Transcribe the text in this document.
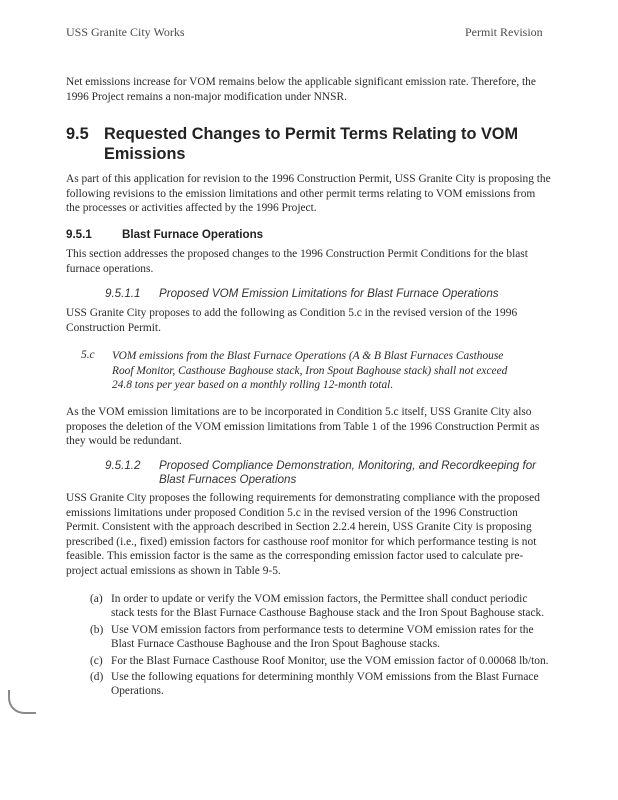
USS Granite City Works	Permit Revision

Net emissions increase for VOM remains below the applicable significant emission rate. Therefore, the 1996 Project remains a non-major modification under NNSR.

9.5 Requested Changes to Permit Terms Relating to VOM Emissions

As part of this application for revision to the 1996 Construction Permit, USS Granite City is proposing the following revisions to the emission limitations and other permit terms relating to VOM emissions from the processes or activities affected by the 1996 Project.

9.5.1	Blast Furnace Operations

This section addresses the proposed changes to the 1996 Construction Permit Conditions for the blast furnace operations.

9.5.1.1 Proposed VOM Emission Limitations for Blast Furnace Operations

USS Granite City proposes to add the following as Condition 5.c in the revised version of the 1996 Construction Permit.

5.c VOM emissions from the Blast Furnace Operations (A & B Blast Furnaces Casthouse Roof Monitor, Casthouse Baghouse stack, Iron Spout Baghouse stack) shall not exceed 24.8 tons per year based on a monthly rolling 12-month total.

As the VOM emission limitations are to be incorporated in Condition 5.c itself, USS Granite City also proposes the deletion of the VOM emission limitations from Table 1 of the 1996 Construction Permit as they would be redundant.

9.5.1.2 Proposed Compliance Demonstration, Monitoring, and Recordkeeping for Blast Furnaces Operations

USS Granite City proposes the following requirements for demonstrating compliance with the proposed emissions limitations under proposed Condition 5.c in the revised version of the 1996 Construction Permit. Consistent with the approach described in Section 2.2.4 herein, USS Granite City is proposing prescribed (i.e., fixed) emission factors for casthouse roof monitor for which performance testing is not feasible. This emission factor is the same as the corresponding emission factor used to calculate pre-project actual emissions as shown in Table 9-5.

(a) In order to update or verify the VOM emission factors, the Permittee shall conduct periodic stack tests for the Blast Furnace Casthouse Baghouse stack and the Iron Spout Baghouse stack.
(b) Use VOM emission factors from performance tests to determine VOM emission rates for the Blast Furnace Casthouse Baghouse and the Iron Spout Baghouse stacks.
(c) For the Blast Furnace Casthouse Roof Monitor, use the VOM emission factor of 0.00068 lb/ton.
(d) Use the following equations for determining monthly VOM emissions from the Blast Furnace Operations.
